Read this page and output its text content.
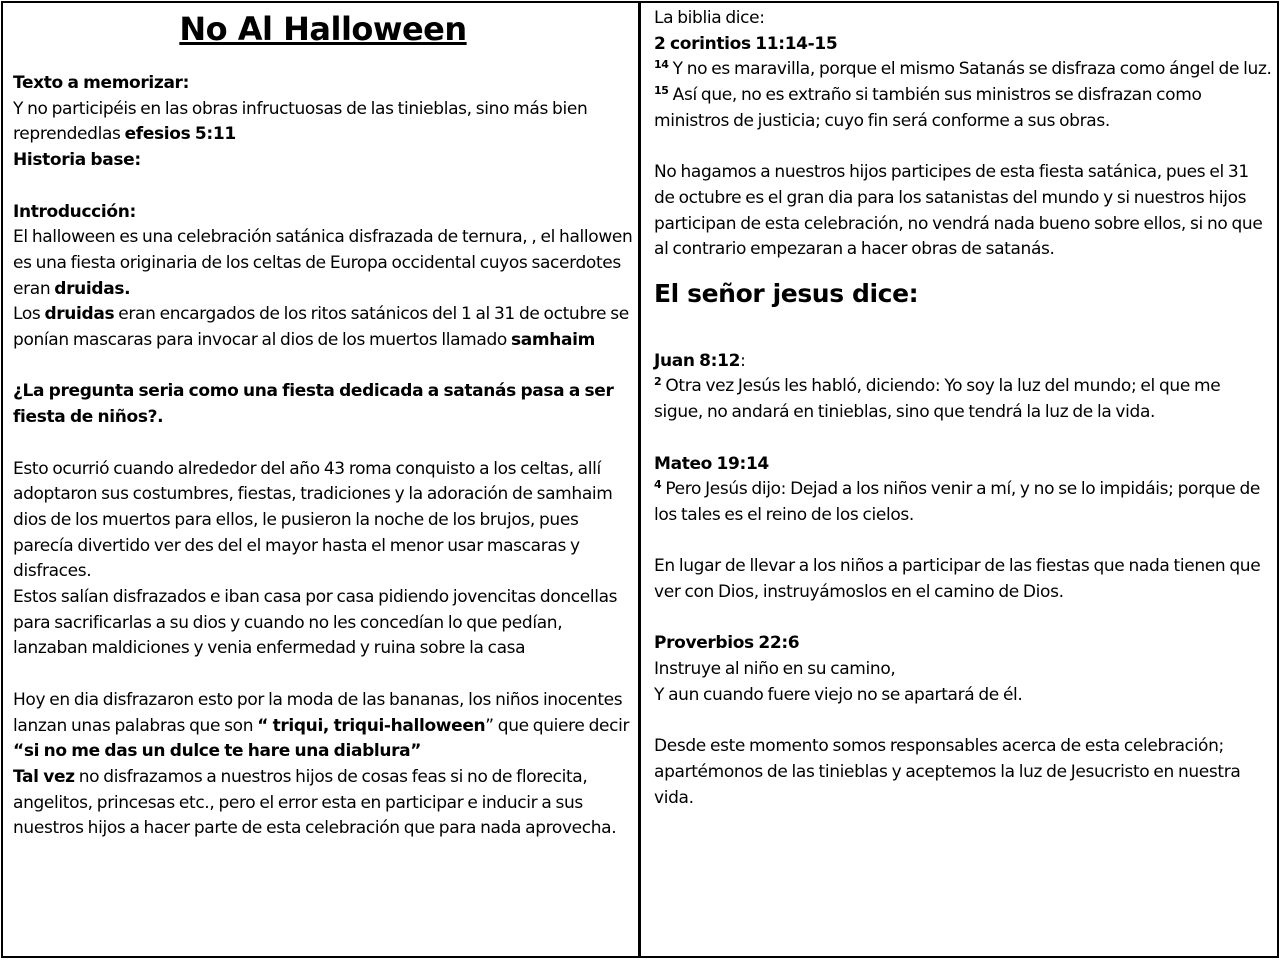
No Al Halloween

Texto a memorizar:

Y no participéis en las obras infructuosas de las tinieblas, sino más bien reprendedlas efesios 5:11

Historia base:

Introducción:

El halloween es una celebración satánica disfrazada de ternura, , el hallowen es una fiesta originaria de los celtas de Europa occidental cuyos sacerdotes eran druidas.

Los druidas eran encargados de los ritos satánicos del 1 al 31 de octubre se ponían mascaras para invocar al dios de los muertos llamado samhaim

¿La pregunta seria como una fiesta dedicada a satanás pasa a ser fiesta de niños?.

Esto ocurrió cuando alrededor del año 43 roma conquisto a los celtas, allí adoptaron sus costumbres, fiestas, tradiciones y la adoración de samhaim dios de los muertos para ellos, le pusieron la noche de los brujos, pues parecía divertido ver des del el mayor hasta el menor usar mascaras y disfraces.

Estos salían disfrazados e iban casa por casa pidiendo jovencitas doncellas para sacrificarlas a su dios y cuando no les concedían lo que pedían, lanzaban maldiciones y venia enfermedad y ruina sobre la casa

Hoy en dia disfrazaron esto por la moda de las bananas, los niños inocentes lanzan unas palabras que son “ triqui, triqui-halloween” que quiere decir “si no me das un dulce te hare una diablura”

Tal vez no disfrazamos a nuestros hijos de cosas feas si no de florecita, angelitos, princesas etc., pero el error esta en participar e inducir a sus nuestros hijos a hacer parte de esta celebración que para nada aprovecha.

La biblia dice:

2 corintios 11:14-15

$^{14}$ Y no es maravilla, porque el mismo Satanás se disfraza como ángel de luz.

$^{15}$ Así que, no es extraño si también sus ministros se disfrazan como ministros de justicia; cuyo fin será conforme a sus obras.

No hagamos a nuestros hijos participes de esta fiesta satánica, pues el 31 de octubre es el gran dia para los satanistas del mundo y si nuestros hijos participan de esta celebración, no vendrá nada bueno sobre ellos, si no que al contrario empezaran a hacer obras de satanás.

El señor jesus dice:

Juan 8:12:

$^2$ Otra vez Jesús les habló, diciendo: Yo soy la luz del mundo; el que me sigue, no andará en tinieblas, sino que tendrá la luz de la vida.

Mateo 19:14

$^4$ Pero Jesús dijo: Dejad a los niños venir a mí, y no se lo impidáis; porque de los tales es el reino de los cielos.

En lugar de llevar a los niños a participar de las fiestas que nada tienen que ver con Dios, instruyámoslos en el camino de Dios.

Proverbios 22:6

Instruye al niño en su camino,

Y aun cuando fuere viejo no se apartará de él.

Desde este momento somos responsables acerca de esta celebración; apartémonos de las tinieblas y aceptemos la luz de Jesucristo en nuestra vida.
